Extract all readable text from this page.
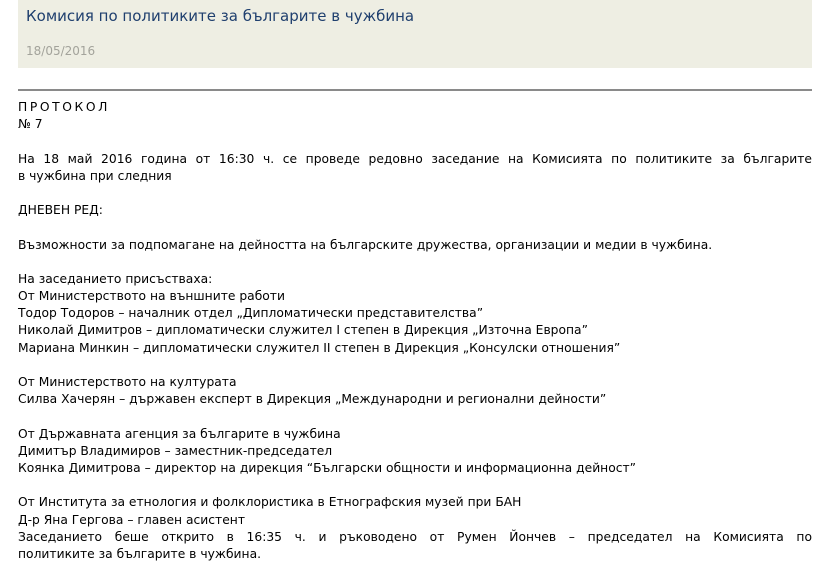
Комисия по политиките за българите в чужбина
18/05/2016
ПРОТОКОЛ
№ 7
На 18 май 2016 година от 16:30 ч. се проведе редовно заседание на Комисията по политиките за българите
в чужбина при следния
ДНЕВЕН РЕД:
Възможности за подпомагане на дейността на българските дружества, организации и медии в чужбина.
На заседанието присъстваха:
От Министерството на външните работи
Тодор Тодоров – началник отдел „Дипломатически представителства”
Николай Димитров – дипломатически служител I степен в Дирекция „Източна Европа”
Мариана Минкин – дипломатически служител II степен в Дирекция „Консулски отношения”
От Министерството на културата
Силва Хачерян – държавен експерт в Дирекция „Международни и регионални дейности”
От Държавната агенция за българите в чужбина
Димитър Владимиров – заместник-председател
Коянка Димитрова – директор на дирекция “Български общности и информационна дейност”
От Института за етнология и фолклористика в Етнографския музей при БАН
Д-р Яна Гергова – главен асистент
Заседанието беше открито в 16:35 ч. и ръководено от Румен Йончев – председател на Комисията по
политиките за българите в чужбина.
